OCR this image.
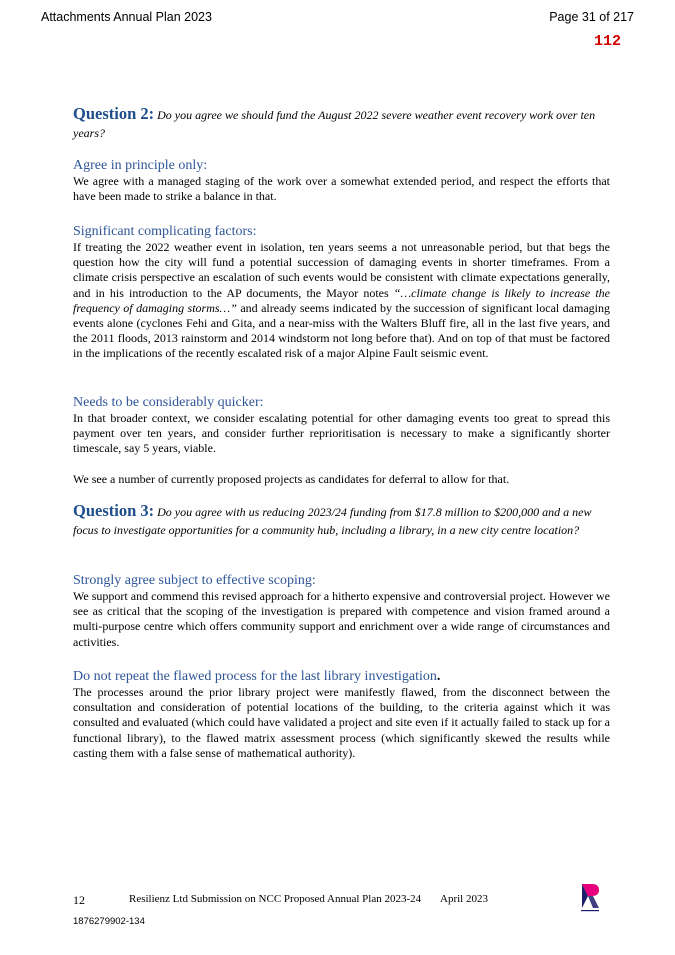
Attachments Annual Plan 2023	Page 31 of 217
112

Question 2: Do you agree we should fund the August 2022 severe weather event recovery work over ten years?

Agree in principle only:

We agree with a managed staging of the work over a somewhat extended period, and respect the efforts that have been made to strike a balance in that.

Significant complicating factors:

If treating the 2022 weather event in isolation, ten years seems a not unreasonable period, but that begs the question how the city will fund a potential succession of damaging events in shorter timeframes. From a climate crisis perspective an escalation of such events would be consistent with climate expectations generally, and in his introduction to the AP documents, the Mayor notes “…climate change is likely to increase the frequency of damaging storms…” and already seems indicated by the succession of significant local damaging events alone (cyclones Fehi and Gita, and a near-miss with the Walters Bluff fire, all in the last five years, and the 2011 floods, 2013 rainstorm and 2014 windstorm not long before that). And on top of that must be factored in the implications of the recently escalated risk of a major Alpine Fault seismic event.

Needs to be considerably quicker:

In that broader context, we consider escalating potential for other damaging events too great to spread this payment over ten years, and consider further reprioritisation is necessary to make a significantly shorter timescale, say 5 years, viable.

We see a number of currently proposed projects as candidates for deferral to allow for that.

Question 3: Do you agree with us reducing 2023/24 funding from $17.8 million to $200,000 and a new focus to investigate opportunities for a community hub, including a library, in a new city centre location?

Strongly agree subject to effective scoping:

We support and commend this revised approach for a hitherto expensive and controversial project. However we see as critical that the scoping of the investigation is prepared with competence and vision framed around a multi-purpose centre which offers community support and enrichment over a wide range of circumstances and activities.

Do not repeat the flawed process for the last library investigation.

The processes around the prior library project were manifestly flawed, from the disconnect between the consultation and consideration of potential locations of the building, to the criteria against which it was consulted and evaluated (which could have validated a project and site even if it actually failed to stack up for a functional library), to the flawed matrix assessment process (which significantly skewed the results while casting them with a false sense of mathematical authority).

12	Resilienz Ltd Submission on NCC Proposed Annual Plan 2023-24 April 2023
1876279902-134
